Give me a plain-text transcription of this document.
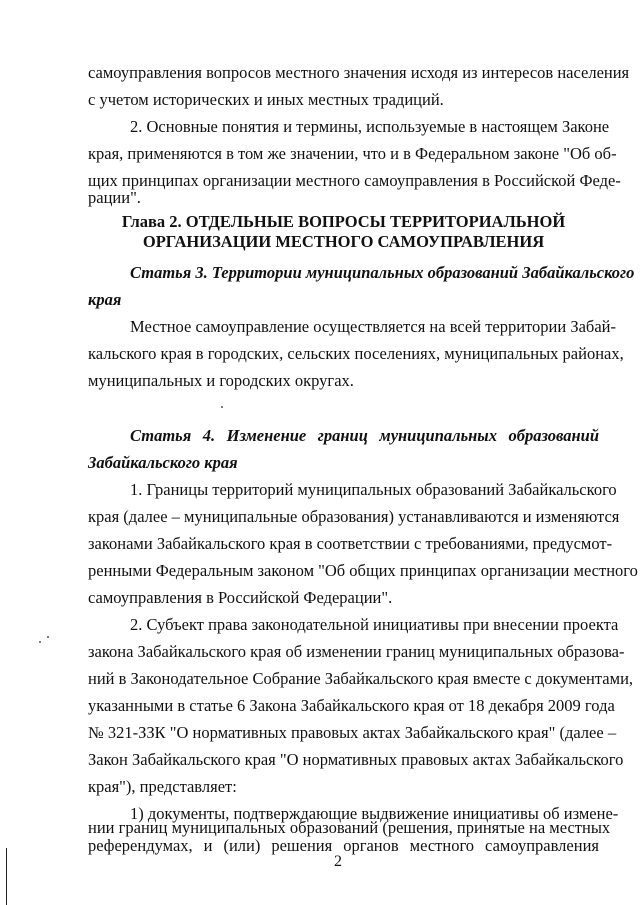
самоуправления вопросов местного значения исходя из интересов населения
с учетом исторических и иных местных традиций.
2. Основные понятия и термины, используемые в настоящем Законе
края, применяются в том же значении, что и в Федеральном законе "Об об-
щих принципах организации местного самоуправления в Российской Феде-
рации".
Глава 2. ОТДЕЛЬНЫЕ ВОПРОСЫ ТЕРРИТОРИАЛЬНОЙ
ОРГАНИЗАЦИИ МЕСТНОГО САМОУПРАВЛЕНИЯ
Статья 3. Территории муниципальных образований Забайкальского
края
Местное самоуправление осуществляется на всей территории Забай-
кальского края в городских, сельских поселениях, муниципальных районах,
муниципальных и городских округах.
Статья 4. Изменение границ муниципальных образований
Забайкальского края
1. Границы территорий муниципальных образований Забайкальского
края (далее – муниципальные образования) устанавливаются и изменяются
законами Забайкальского края в соответствии с требованиями, предусмот-
ренными Федеральным законом "Об общих принципах организации местного
самоуправления в Российской Федерации".
2. Субъект права законодательной инициативы при внесении проекта
закона Забайкальского края об изменении границ муниципальных образова-
ний в Законодательное Собрание Забайкальского края вместе с документами,
указанными в статье 6 Закона Забайкальского края от 18 декабря 2009 года
№ 321-ЗЗК "О нормативных правовых актах Забайкальского края" (далее –
Закон Забайкальского края "О нормативных правовых актах Забайкальского
края"), представляет:
1) документы, подтверждающие выдвижение инициативы об измене-
нии границ муниципальных образований (решения, принятые на местных
референдумах, и (или) решения органов местного самоуправления
2
